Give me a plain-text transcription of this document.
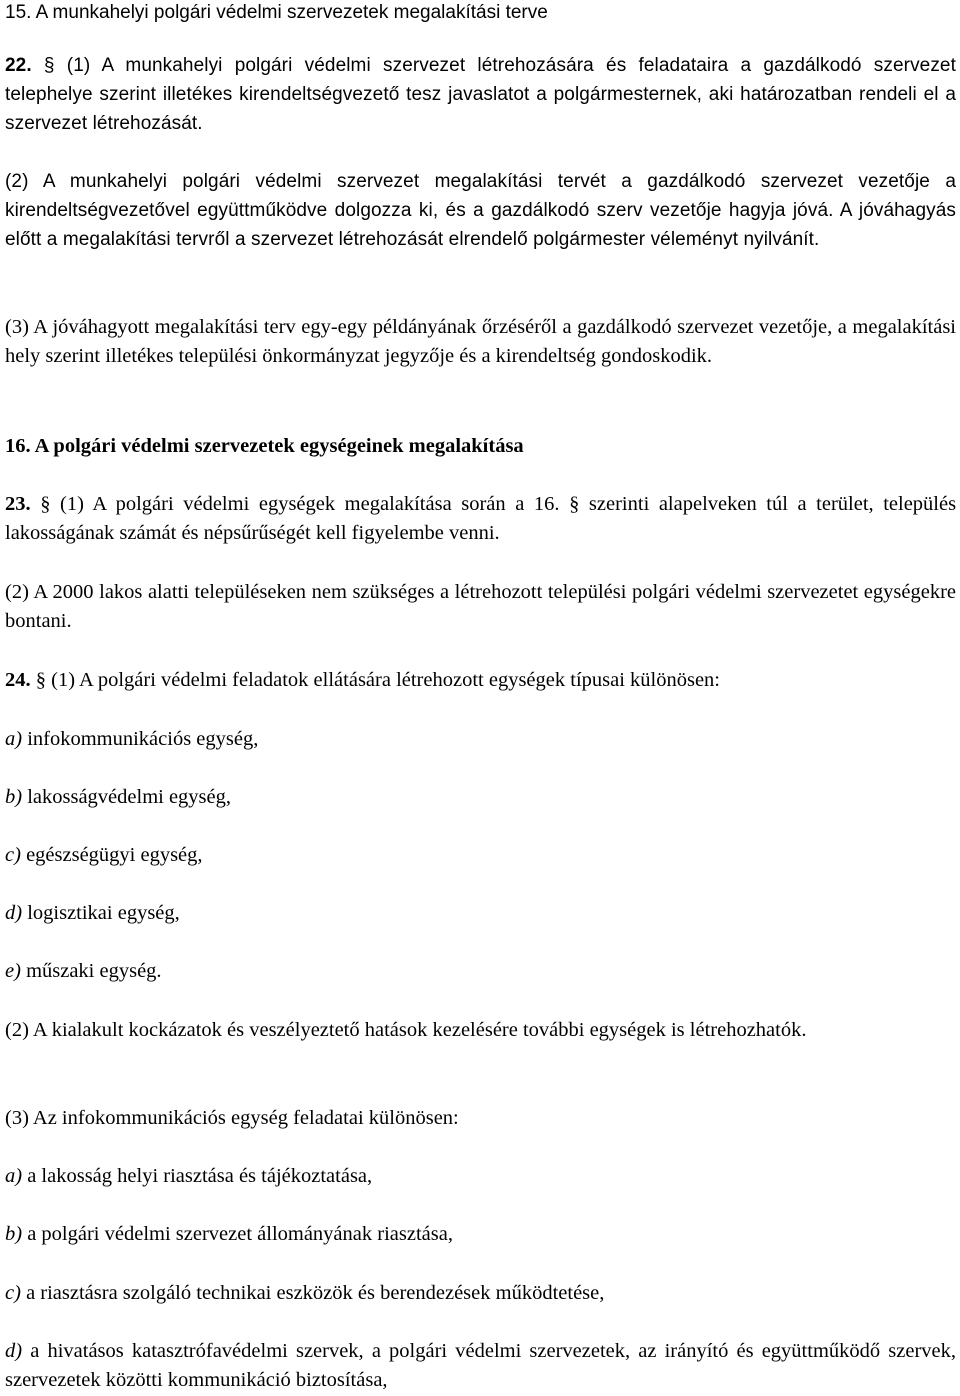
15. A munkahelyi polgári védelmi szervezetek megalakítási terve

22. § (1) A munkahelyi polgári védelmi szervezet létrehozására és feladataira a gazdálkodó szervezet telephelye szerint illetékes kirendeltségvezető tesz javaslatot a polgármesternek, aki határozatban rendeli el a szervezet létrehozását.

(2) A munkahelyi polgári védelmi szervezet megalakítási tervét a gazdálkodó szervezet vezetője a kirendeltségvezetővel együttműködve dolgozza ki, és a gazdálkodó szerv vezetője hagyja jóvá. A jóváhagyás előtt a megalakítási tervről a szervezet létrehozását elrendelő polgármester véleményt nyilvánít.

(3) A jóváhagyott megalakítási terv egy-egy példányának őrzéséről a gazdálkodó szervezet vezetője, a megalakítási hely szerint illetékes települési önkormányzat jegyzője és a kirendeltség gondoskodik.

16. A polgári védelmi szervezetek egységeinek megalakítása

23. § (1) A polgári védelmi egységek megalakítása során a 16. § szerinti alapelveken túl a terület, település lakosságának számát és népsűrűségét kell figyelembe venni.

(2) A 2000 lakos alatti településeken nem szükséges a létrehozott települési polgári védelmi szervezetet egységekre bontani.

24. § (1) A polgári védelmi feladatok ellátására létrehozott egységek típusai különösen:

a) infokommunikációs egység,

b) lakosságvédelmi egység,

c) egészségügyi egység,

d) logisztikai egység,

e) műszaki egység.

(2) A kialakult kockázatok és veszélyeztető hatások kezelésére további egységek is létrehozhatók.

(3) Az infokommunikációs egység feladatai különösen:

a) a lakosság helyi riasztása és tájékoztatása,

b) a polgári védelmi szervezet állományának riasztása,

c) a riasztásra szolgáló technikai eszközök és berendezések működtetése,

d) a hivatásos katasztrófavédelmi szervek, a polgári védelmi szervezetek, az irányító és együttműködő szervek, szervezetek közötti kommunikáció biztosítása,
